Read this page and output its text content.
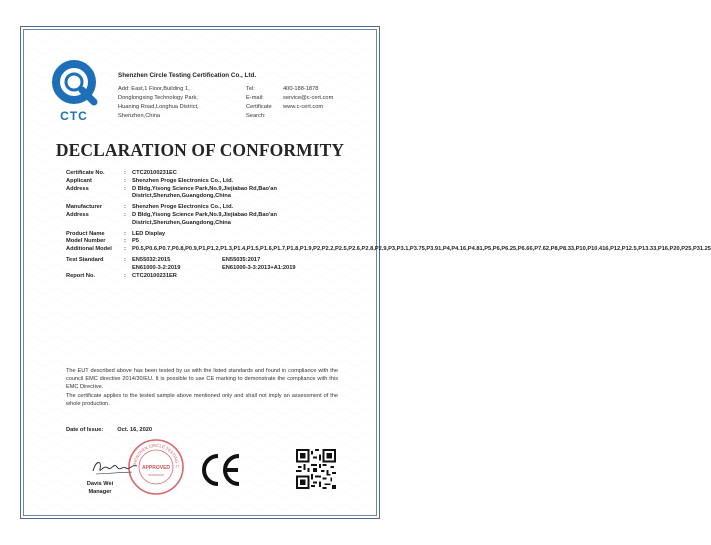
CTC
Shenzhen Circle Testing Certification Co., Ltd.
Add: East,1 Floor,Building 1,
Donglongxing Technology Park,
Huaning Road,Longhua District,
Shenzhen,China
Tel:	400-188-1878
E-mail:	service@c-cert.com
Certificate	www.c-cert.com
Search:
DECLARATION OF CONFORMITY
Certificate No.	:	CTC20100231EC
Applicant	:	Shenzhen Proge Electronics Co., Ltd.
Address	:	D Bldg,Yisong Science Park,No.9,Jiejiabao Rd,Bao'an District,Shenzhen,Guangdong,China
Manufacturer	:	Shenzhen Proge Electronics Co., Ltd.
Address	:	D Bldg,Yisong Science Park,No.9,Jiejiabao Rd,Bao'an District,Shenzhen,Guangdong,China
Product Name	:	LED Display
Model Number	:	P5
Additional Model	:	P0.5,P0.6,P0.7,P0.8,P0.9,P1,P1.2,P1.3,P1.4,P1.5,P1.6,P1.7,P1.8,P1.9,P2,P2.2,P2.5,P2.6,P2.8,P2.9,P3,P3.1,P3.75,P3.91,P4,P4.16,P4.81,P5,P6,P6.25,P6.66,P7.62,P8,P8.33,P10,P10.416,P12,P12.5,P13.33,P16,P20,P25,P31.25
Test Standard	:	EN55032:2015	EN55035:2017
EN61000-3-2:2019	EN61000-3-3:2013+A1:2019
Report No.	:	CTC20100231ER

The EUT described above has been tested by us with the listed standards and found in compliance with the council EMC directive 2014/30/EU. It is possible to use CE marking to demonstrate the compliance with this EMC Directive.

The certificate applies to the tested sample above mentioned only and shall not imply an assessment of the whole production.

Date of Issue: Oct. 16, 2020
Davis Wei
Manager
SHENZHEN CIRCLE TESTING C
APPROVED
